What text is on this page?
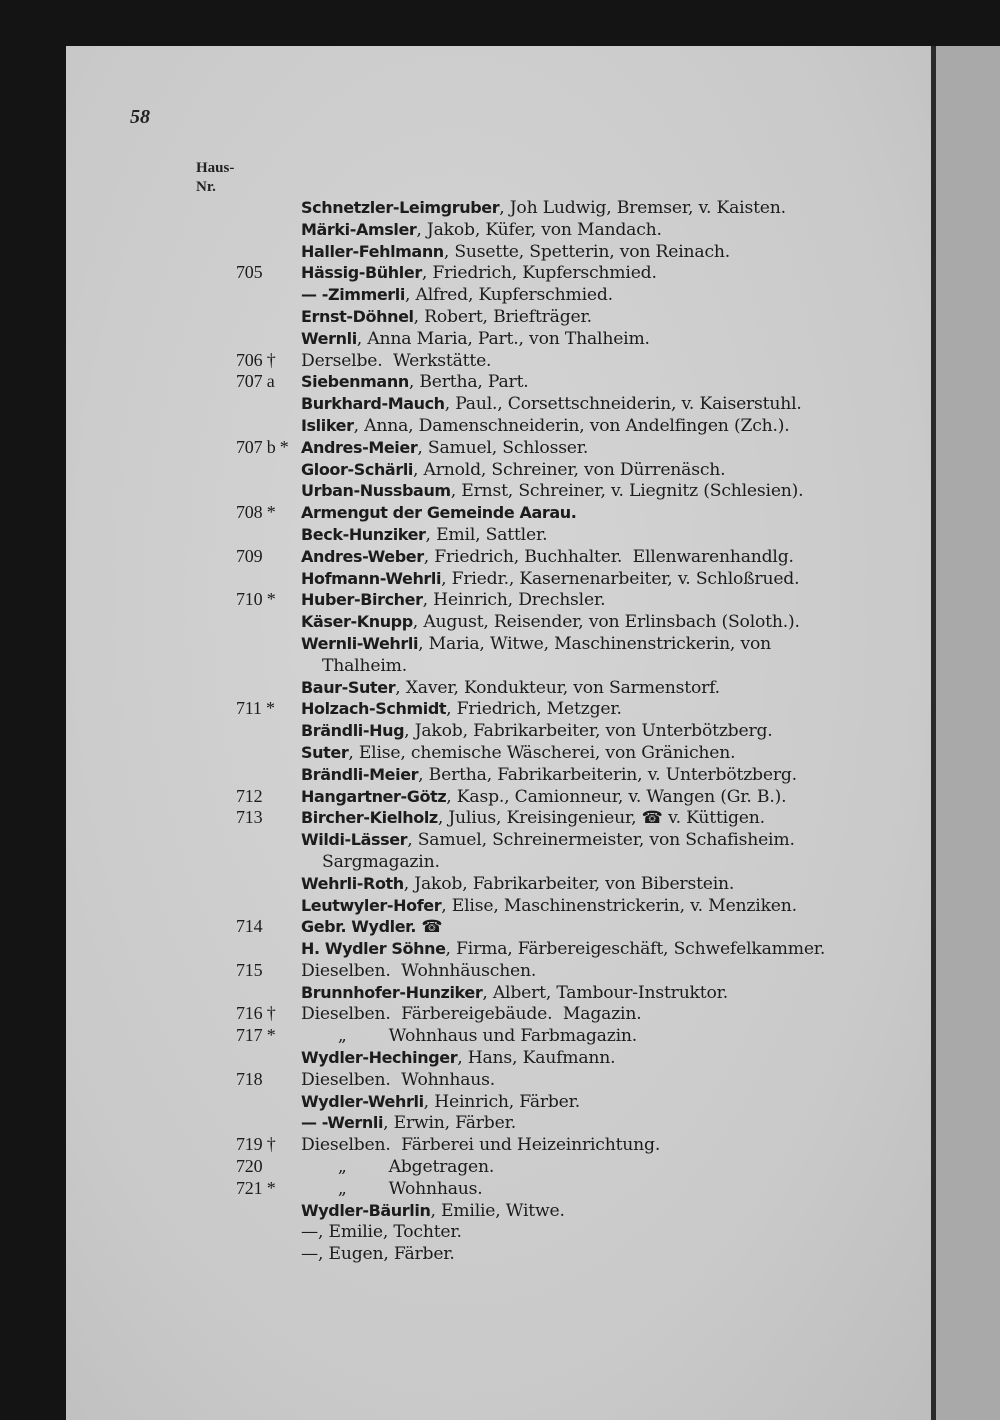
58
Haus-
Nr.
Schnetzler-Leimgruber, Joh Ludwig, Bremser, v. Kaisten.
Märki-Amsler, Jakob, Küfer, von Mandach.
Haller-Fehlmann, Susette, Spetterin, von Reinach.
705	Hässig-Bühler, Friedrich, Kupferschmied.
— -Zimmerli, Alfred, Kupferschmied.
Ernst-Döhnel, Robert, Briefträger.
Wernli, Anna Maria, Part., von Thalheim.
706 †	Derselbe.  Werkstätte.
707 a	Siebenmann, Bertha, Part.
Burkhard-Mauch, Paul., Corsettschneiderin, v. Kaiserstuhl.
Isliker, Anna, Damenschneiderin, von Andelfingen (Zch.).
707 b * Andres-Meier, Samuel, Schlosser.
Gloor-Schärli, Arnold, Schreiner, von Dürrenäsch.
Urban-Nussbaum, Ernst, Schreiner, v. Liegnitz (Schlesien).
708 *	Armengut der Gemeinde Aarau.
Beck-Hunziker, Emil, Sattler.
709	Andres-Weber, Friedrich, Buchhalter.  Ellenwarenhandlg.
Hofmann-Wehrli, Friedr., Kasernenarbeiter, v. Schloßrued.
710 *	Huber-Bircher, Heinrich, Drechsler.
Käser-Knupp, August, Reisender, von Erlinsbach (Soloth.).
Wernli-Wehrli, Maria, Witwe, Maschinenstrickerin, von
Thalheim.
Baur-Suter, Xaver, Kondukteur, von Sarmenstorf.
711 *	Holzach-Schmidt, Friedrich, Metzger.
Brändli-Hug, Jakob, Fabrikarbeiter, von Unterbötzberg.
Suter, Elise, chemische Wäscherei, von Gränichen.
Brändli-Meier, Bertha, Fabrikarbeiterin, v. Unterbötzberg.
712	Hangartner-Götz, Kasp., Camionneur, v. Wangen (Gr. B.).
713	Bircher-Kielholz, Julius, Kreisingenieur, ☎ v. Küttigen.
Wildi-Lässer, Samuel, Schreinermeister, von Schafisheim.
Sargmagazin.
Wehrli-Roth, Jakob, Fabrikarbeiter, von Biberstein.
Leutwyler-Hofer, Elise, Maschinenstrickerin, v. Menziken.
714	Gebr. Wydler. ☎
H. Wydler Söhne, Firma, Färbereigeschäft, Schwefelkammer.
715	Dieselben.  Wohnhäuschen.
Brunnhofer-Hunziker, Albert, Tambour-Instruktor.
716 †	Dieselben.  Färbereigebäude.  Magazin.
717 *	„        Wohnhaus und Farbmagazin.
Wydler-Hechinger, Hans, Kaufmann.
718	Dieselben.  Wohnhaus.
Wydler-Wehrli, Heinrich, Färber.
— -Wernli, Erwin, Färber.
719 †	Dieselben.  Färberei und Heizeinrichtung.
720	„        Abgetragen.
721 *	„        Wohnhaus.
Wydler-Bäurlin, Emilie, Witwe.
—, Emilie, Tochter.
—, Eugen, Färber.
